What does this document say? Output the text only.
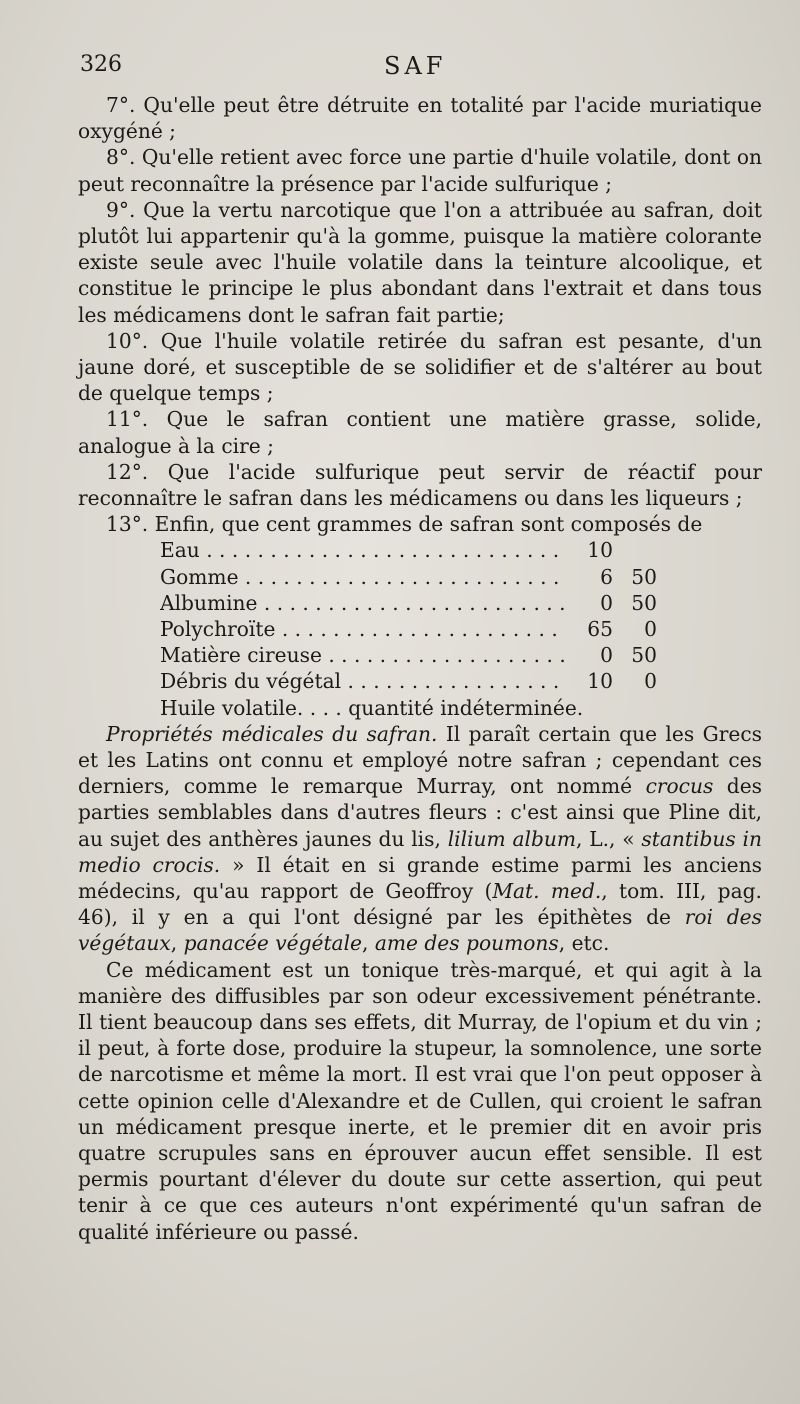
326	SAF

7°. Qu'elle peut être détruite en totalité par l'acide muriatique oxygéné ;

8°. Qu'elle retient avec force une partie d'huile volatile, dont on peut reconnaître la présence par l'acide sulfurique ;

9°. Que la vertu narcotique que l'on a attribuée au safran, doit plutôt lui appartenir qu'à la gomme, puisque la matière colorante existe seule avec l'huile volatile dans la teinture alcoolique, et constitue le principe le plus abondant dans l'extrait et dans tous les médicamens dont le safran fait partie;

10°. Que l'huile volatile retirée du safran est pesante, d'un jaune doré, et susceptible de se solidifier et de s'altérer au bout de quelque temps ;

11°. Que le safran contient une matière grasse, solide, analogue à la cire ;

12°. Que l'acide sulfurique peut servir de réactif pour reconnaître le safran dans les médicamens ou dans les liqueurs ;

13°. Enfin, que cent grammes de safran sont composés de

Eau . . .	10
Gomme . . .	6 50
Albumine . . .	0 50
Polychroïte . . .	65	0
Matière cireuse . . .	0 50
Débris du végétal . . .	10	0
Huile volatile
. . .	quantité indéterminée.

Propriétés médicales du safran. Il paraît certain que les Grecs et les Latins ont connu et employé notre safran ; cependant ces derniers, comme le remarque Murray, ont nommé crocus des parties semblables dans d'autres fleurs : c'est ainsi que Pline dit, au sujet des anthères jaunes du lis, lilium album, L., « stantibus in medio crocis. » Il était en si grande estime parmi les anciens médecins, qu'au rapport de Geoffroy (Mat. med., tom. III, pag. 46), il y en a qui l'ont désigné par les épithètes de roi des végétaux, panacée végétale, ame des poumons, etc.

Ce médicament est un tonique très-marqué, et qui agit à la manière des diffusibles par son odeur excessivement pénétrante. Il tient beaucoup dans ses effets, dit Murray, de l'opium et du vin ; il peut, à forte dose, produire la stupeur, la somnolence, une sorte de narcotisme et même la mort. Il est vrai que l'on peut opposer à cette opinion celle d'Alexandre et de Cullen, qui croient le safran un médicament presque inerte, et le premier dit en avoir pris quatre scrupules sans en éprouver aucun effet sensible. Il est permis pourtant d'élever du doute sur cette assertion, qui peut tenir à ce que ces auteurs n'ont expérimenté qu'un safran de qualité inférieure ou passé.
